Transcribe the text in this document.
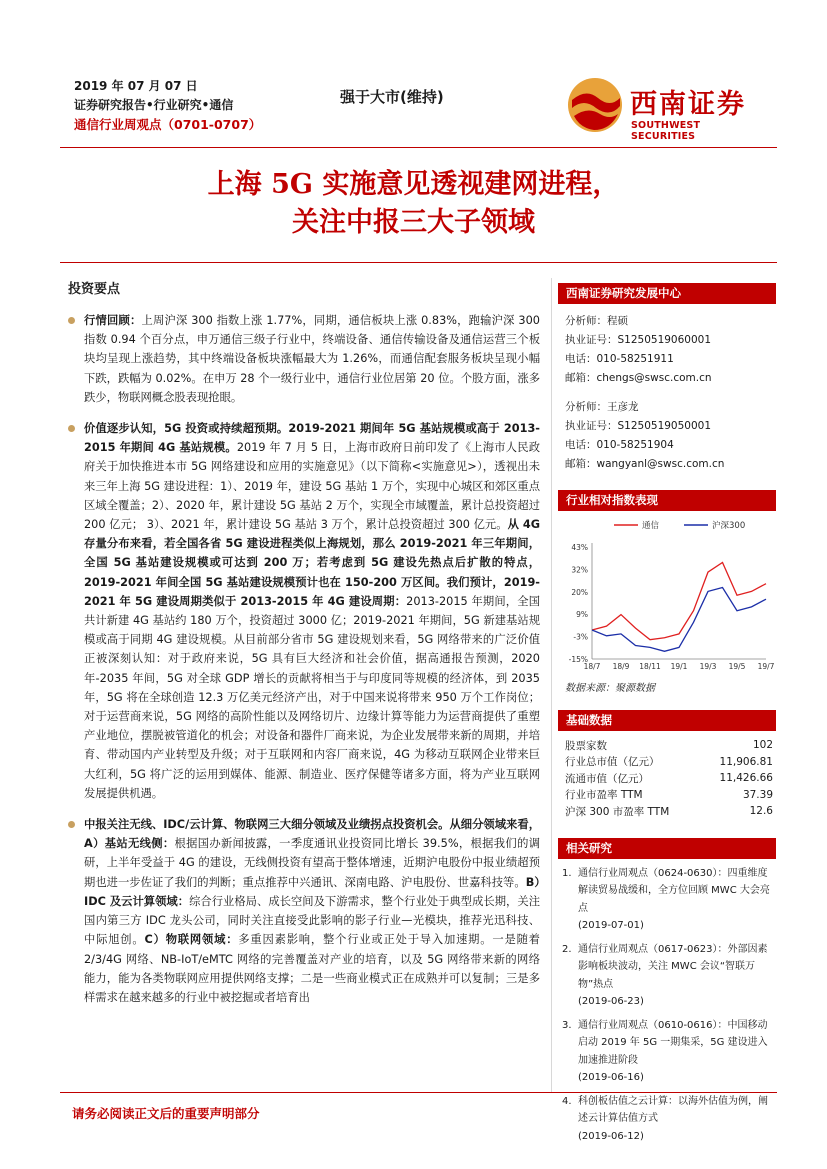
2019 年 07 月 07 日
证券研究报告•行业研究•通信
通信行业周观点（0701-0707）
强于大市(维持)	西南证券
SOUTHWEST SECURITIES
上海 5G 实施意见透视建网进程，
关注中报三大子领域
投资要点
行情回顾：上周沪深 300 指数上涨 1.77%，同期，通信板块上涨 0.83%，跑输沪深 300 指数 0.94 个百分点，申万通信三级子行业中，终端设备、通信传输设备及通信运营三个板块均呈现上涨趋势，其中终端设备板块涨幅最大为 1.26%，而通信配套服务板块呈现小幅下跌，跌幅为 0.02%。在申万 28 个一级行业中，通信行业位居第 20 位。个股方面，涨多跌少，物联网概念股表现抢眼。
价值逐步认知，5G 投资或持续超预期。2019-2021 期间年 5G 基站规模或高于 2013-2015 年期间 4G 基站规模。2019 年 7 月 5 日，上海市政府日前印发了《上海市人民政府关于加快推进本市 5G 网络建设和应用的实施意见》（以下简称<实施意见>），透视出未来三年上海 5G 建设进程：1）、2019 年，建设 5G 基站 1 万个，实现中心城区和郊区重点区域全覆盖；2）、2020 年，累计建设 5G 基站 2 万个，实现全市域覆盖，累计总投资超过 200 亿元； 3）、2021 年，累计建设 5G 基站 3 万个，累计总投资超过 300 亿元。从 4G 存量分布来看，若全国各省 5G 建设进程类似上海规划，那么 2019-2021 年三年期间，全国 5G 基站建设规模或可达到 200 万；若考虑到 5G 建设先热点后扩散的特点，2019-2021 年间全国 5G 基站建设规模预计也在 150-200 万区间。我们预计，2019-2021 年 5G 建设周期类似于 2013-2015 年 4G 建设周期：2013-2015 年期间，全国共计新建 4G 基站约 180 万个，投资超过 3000 亿；2019-2021 年期间，5G 新建基站规模或高于同期 4G 建设规模。从目前部分省市 5G 建设规划来看，5G 网络带来的广泛价值正被深刻认知：对于政府来说，5G 具有巨大经济和社会价值，据高通报告预测，2020 年-2035 年间，5G 对全球 GDP 增长的贡献将相当于与印度同等规模的经济体，到 2035 年，5G 将在全球创造 12.3 万亿美元经济产出，对于中国来说将带来 950 万个工作岗位；对于运营商来说，5G 网络的高阶性能以及网络切片、边缘计算等能力为运营商提供了重塑产业地位，摆脱被管道化的机会；对设备和器件厂商来说，为企业发展带来新的周期，并培育、带动国内产业转型及升级；对于互联网和内容厂商来说，4G 为移动互联网企业带来巨大红利，5G 将广泛的运用到媒体、能源、制造业、医疗保健等诸多方面，将为产业互联网发展提供机遇。
中报关注无线、IDC/云计算、物联网三大细分领域及业绩拐点投资机会。从细分领域来看，A）基站无线侧：根据国办新闻披露，一季度通讯业投资同比增长 39.5%，根据我们的调研，上半年受益于 4G 的建设，无线侧投资有望高于整体增速，近期沪电股份中报业绩超预期也进一步佐证了我们的判断；重点推荐中兴通讯、深南电路、沪电股份、世嘉科技等。B）IDC 及云计算领域：综合行业格局、成长空间及下游需求，整个行业处于典型成长期，关注国内第三方 IDC 龙头公司，同时关注直接受此影响的影子行业—光模块，推荐光迅科技、中际旭创。C）物联网领域：多重因素影响，整个行业或正处于导入加速期。一是随着 2/3/4G 网络、NB-IoT/eMTC 网络的完善覆盖对产业的培育，以及 5G 网络带来新的网络能力，能为各类物联网应用提供网络支撑；二是一些商业模式正在成熟并可以复制；三是多样需求在越来越多的行业中被挖掘或者培育出
西南证券研究发展中心
分析师：程硕
执业证号：S1250519060001
电话：010-58251911
邮箱：chengs@swsc.com.cn
分析师：王彦龙
执业证号：S1250519050001
电话：010-58251904
邮箱：wangyanl@swsc.com.cn
行业相对指数表现
43%
32%
20%
9%
-3%
-15%
18/7 18/9 18/11 19/1 19/3 19/5 19/7
通信	沪深300
数据来源：聚源数据
基础数据
股票家数	102
行业总市值（亿元）	11,906.81
流通市值（亿元）	11,426.66
行业市盈率 TTM	37.39
沪深 300 市盈率 TTM	12.6
相关研究
1. 通信行业周观点（0624-0630）：四重维度解读贸易战缓和，全方位回顾 MWC 大会亮点
(2019-07-01)
2. 通信行业周观点（0617-0623）：外部因素影响板块波动，关注 MWC 会议“智联万物”热点
(2019-06-23)
3. 通信行业周观点（0610-0616）：中国移动启动 2019 年 5G 一期集采，5G 建设进入加速推进阶段
(2019-06-16)
4. 科创板估值之云计算：以海外估值为例，阐述云计算估值方式
(2019-06-12)
请务必阅读正文后的重要声明部分
